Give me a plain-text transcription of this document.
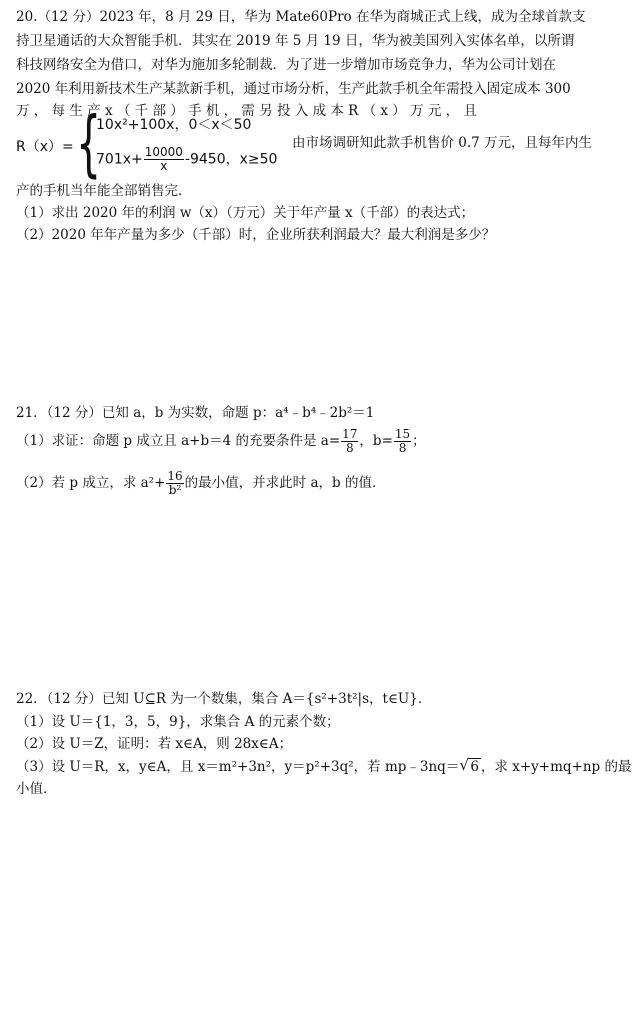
20.（12 分）2023 年，8 月 29 日，华为 Mate60Pro 在华为商城正式上线，成为全球首款支
持卫星通话的大众智能手机．其实在 2019 年 5 月 19 日，华为被美国列入实体名单，以所谓
科技网络安全为借口，对华为施加多轮制裁．为了进一步增加市场竞争力，华为公司计划在
2020 年利用新技术生产某款新手机，通过市场分析，生产此款手机全年需投入固定成本 300
万 ， 每 生 产 x （ 千 部 ） 手 机 ， 需 另 投 入 成 本 R （ x ） 万 元 ， 且
R（x）= {
10x²+100x，0＜x＜50
$701x+ \frac{10000}{x} -9450$，x≥50
由市场调研知此款手机售价 0.7 万元，且每年内生
产的手机当年能全部销售完．
（1）求出 2020 年的利润 w（x）（万元）关于年产量 x（千部）的表达式；
（2）2020 年年产量为多少（千部）时，企业所获利润最大？最大利润是多少？
21．（12 分）已知 a，b 为实数，命题 p：a⁴﹣b⁴﹣2b²＝1
（1）求证：命题 p 成立且 a+b＝4 的充要条件是 $a= \frac{17}{8}$ ，$b= \frac{15}{8}$ ；
（2）若 p 成立，求 $a^2+ \frac{16}{\text{b²}}$ 的最小值，并求此时 a，b 的值．
22．（12 分）已知 U⊆R 为一个数集，集合 A＝{s²+3t²|s，t∈U}．
（1）设 U＝{1，3，5，9}，求集合 A 的元素个数；
（2）设 U＝Z，证明：若 x∈A，则 28x∈A；
（3）设 U＝R，x，y∈A，且 x＝m²+3n²，y＝p²+3q²，若 mp﹣3nq＝ √ 6 ，求 x+y+mq+np 的最
小值．
